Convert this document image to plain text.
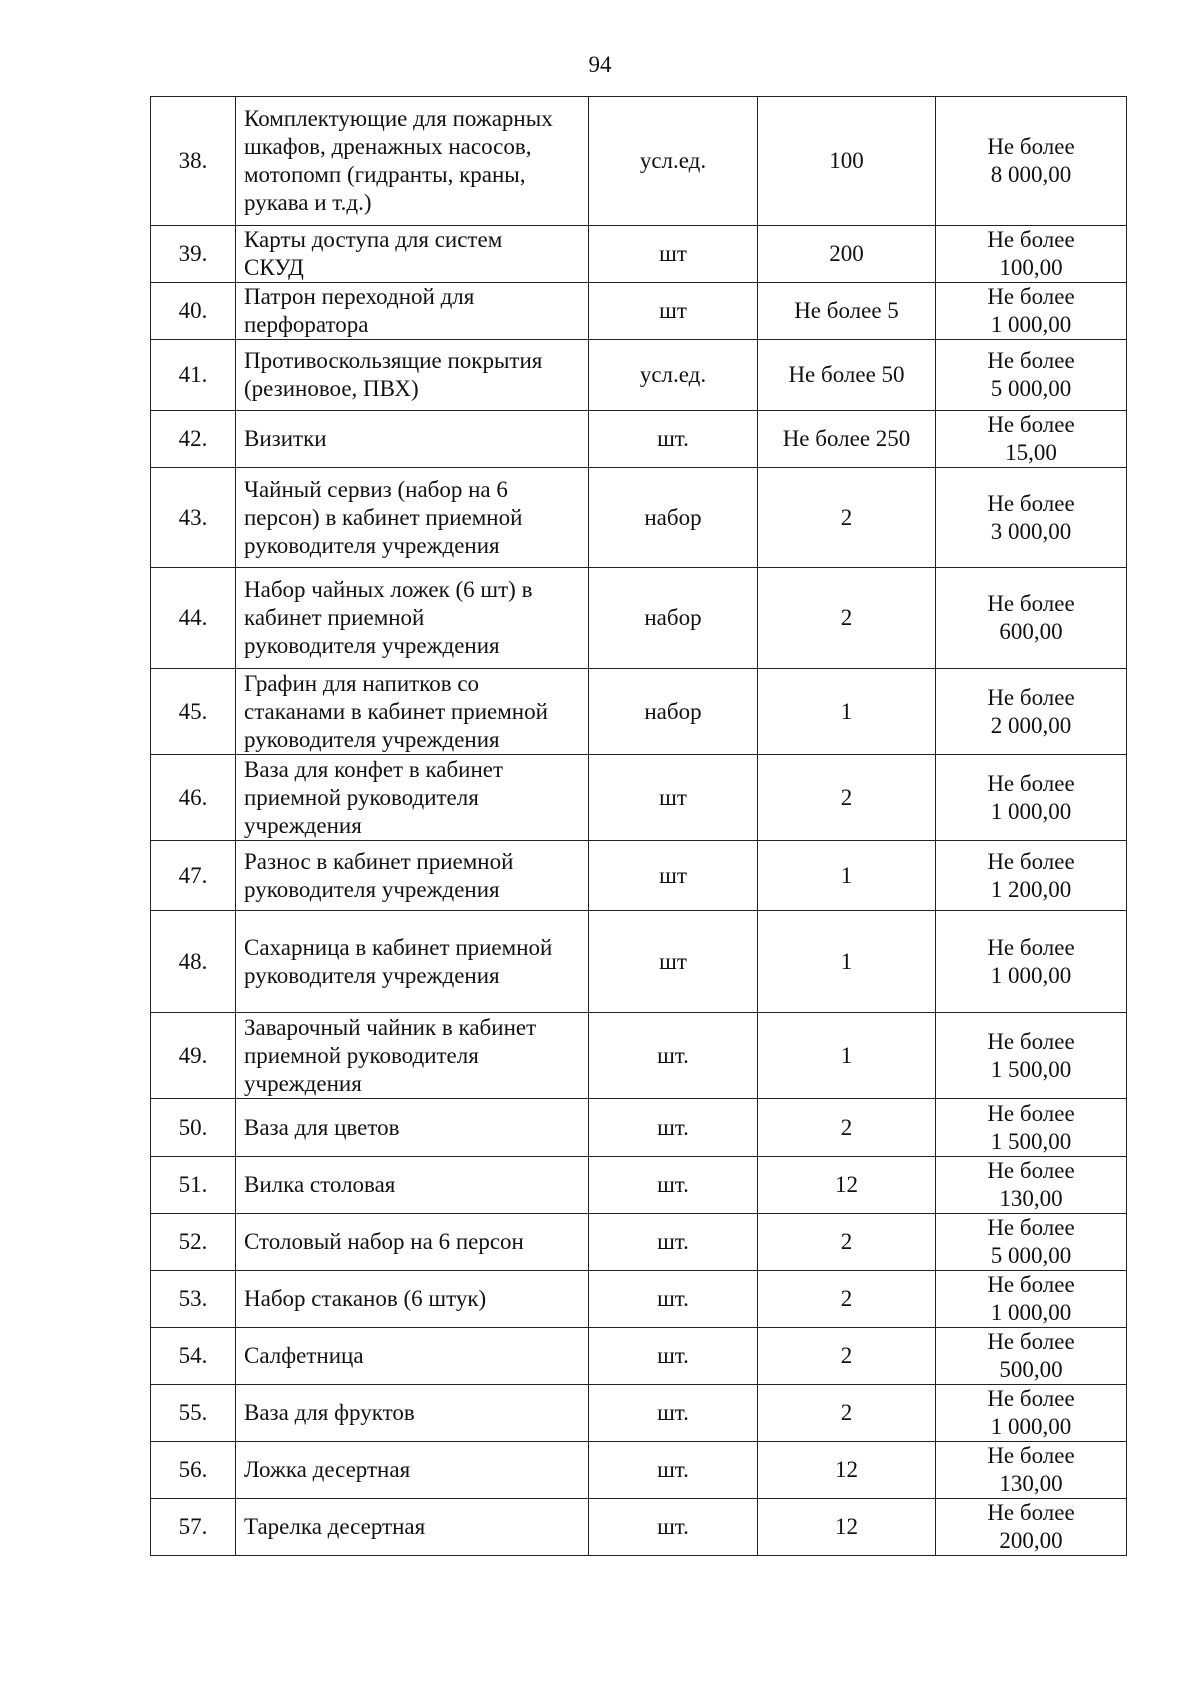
94
38.	Комплектующие для пожарных
шкафов, дренажных насосов,
мотопомп (гидранты, краны,
рукава и т.д.)	усл.ед.	100	Не более
8 000,00

39.	Карты доступа для систем
СКУД	шт	200	Не более
100,00

40.	Патрон переходной для
перфоратора	шт	Не более 5	Не более
1 000,00

41.	Противоскользящие покрытия
(резиновое, ПВХ)	усл.ед.	Не более 50	Не более
5 000,00

42.	Визитки	шт.	Не более 250	Не более
15,00

43.	Чайный сервиз (набор на 6
персон) в кабинет приемной
руководителя учреждения	набор	2	Не более
3 000,00

44.	Набор чайных ложек (6 шт) в
кабинет приемной
руководителя учреждения	набор	2	Не более
600,00

45.	Графин для напитков со
стаканами в кабинет приемной
руководителя учреждения	набор	1	Не более
2 000,00

46.	Ваза для конфет в кабинет
приемной руководителя
учреждения	шт	2	Не более
1 000,00

47.	Разнос в кабинет приемной
руководителя учреждения	шт	1	Не более
1 200,00

48.	Сахарница в кабинет приемной
руководителя учреждения	шт	1	Не более
1 000,00

49.	Заварочный чайник в кабинет
приемной руководителя
учреждения	шт.	1	Не более
1 500,00

50.	Ваза для цветов	шт.	2	Не более
1 500,00

51.	Вилка столовая	шт.	12	Не более
130,00

52.	Столовый набор на 6 персон	шт.	2	Не более
5 000,00

53.	Набор стаканов (6 штук)	шт.	2	Не более
1 000,00

54.	Салфетница	шт.	2	Не более
500,00

55.	Ваза для фруктов	шт.	2	Не более
1 000,00

56.	Ложка десертная	шт.	12	Не более
130,00

57.	Тарелка десертная	шт.	12	Не более
200,00
